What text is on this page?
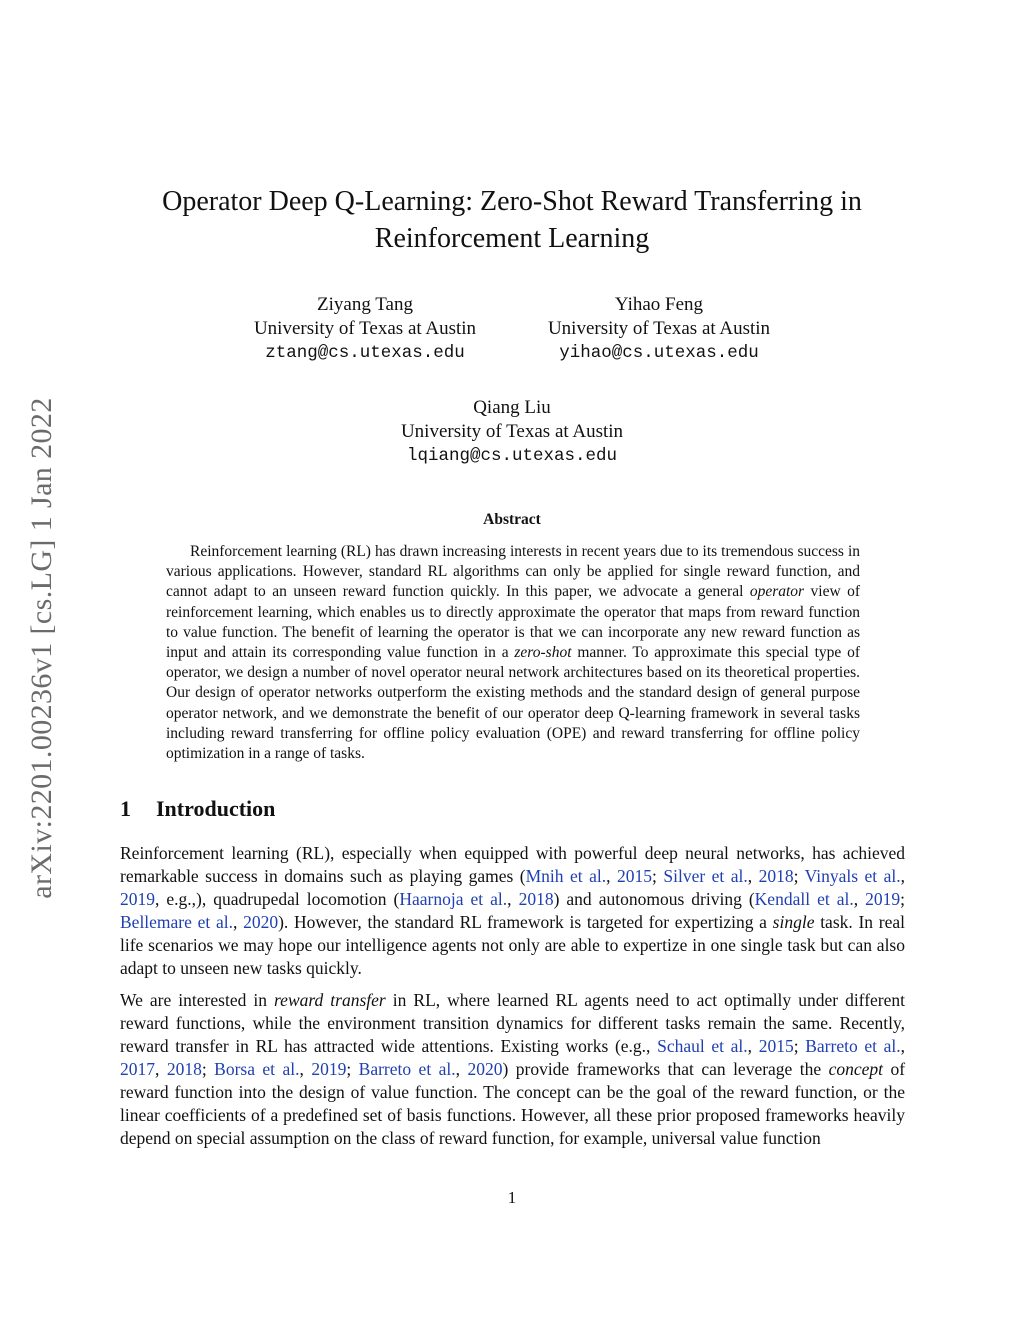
arXiv:2201.00236v1 [cs.LG] 1 Jan 2022
Operator Deep Q-Learning: Zero-Shot Reward Transferring in Reinforcement Learning
Ziyang Tang
University of Texas at Austin
ztang@cs.utexas.edu
Yihao Feng
University of Texas at Austin
yihao@cs.utexas.edu
Qiang Liu
University of Texas at Austin
lqiang@cs.utexas.edu
Abstract

Reinforcement learning (RL) has drawn increasing interests in recent years due to its tremendous success in various applications. However, standard RL algorithms can only be applied for single reward function, and cannot adapt to an unseen reward function quickly. In this paper, we advocate a general operator view of reinforcement learning, which enables us to directly approximate the operator that maps from reward function to value function. The benefit of learning the operator is that we can incorporate any new reward function as input and attain its corresponding value function in a zero-shot manner. To approximate this special type of operator, we design a number of novel operator neural network architectures based on its theoretical properties. Our design of operator networks outperform the existing methods and the standard design of general purpose operator network, and we demonstrate the benefit of our operator deep Q-learning framework in several tasks including reward transferring for offline policy evaluation (OPE) and reward transferring for offline policy optimization in a range of tasks.

1 Introduction

Reinforcement learning (RL), especially when equipped with powerful deep neural networks, has achieved remarkable success in domains such as playing games (Mnih et al., 2015; Silver et al., 2018; Vinyals et al., 2019, e.g.,), quadrupedal locomotion (Haarnoja et al., 2018) and autonomous driving (Kendall et al., 2019; Bellemare et al., 2020). However, the standard RL framework is targeted for expertizing a single task. In real life scenarios we may hope our intelligence agents not only are able to expertize in one single task but can also adapt to unseen new tasks quickly.

We are interested in reward transfer in RL, where learned RL agents need to act optimally under different reward functions, while the environment transition dynamics for different tasks remain the same. Recently, reward transfer in RL has attracted wide attentions. Existing works (e.g., Schaul et al., 2015; Barreto et al., 2017, 2018; Borsa et al., 2019; Barreto et al., 2020) provide frameworks that can leverage the concept of reward function into the design of value function. The concept can be the goal of the reward function, or the linear coefficients of a predefined set of basis functions. However, all these prior proposed frameworks heavily depend on special assumption on the class of reward function, for example, universal value function

1
